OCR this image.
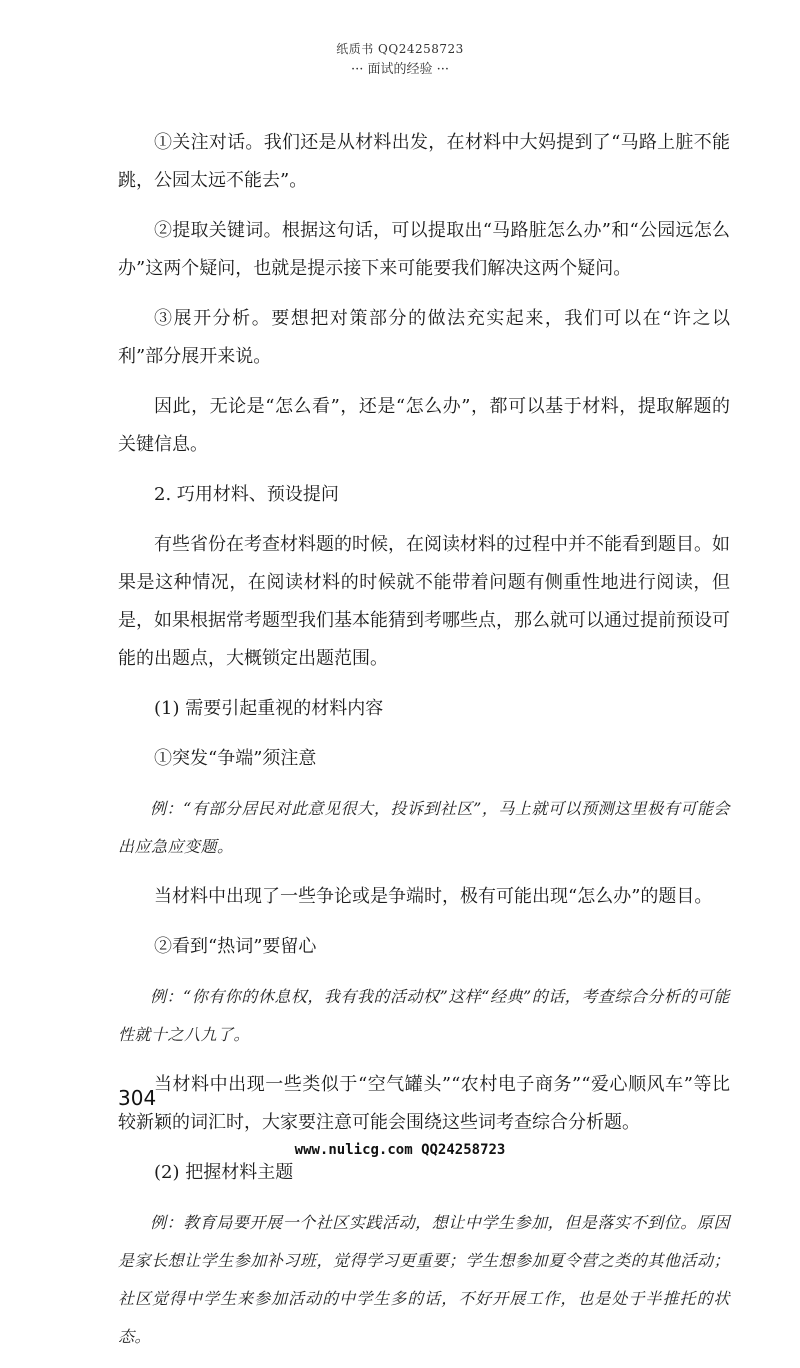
纸质书 QQ24258723
··· 面试的经验 ···

①关注对话。我们还是从材料出发，在材料中大妈提到了“马路上脏不能跳，公园太远不能去”。

②提取关键词。根据这句话，可以提取出“马路脏怎么办”和“公园远怎么办”这两个疑问，也就是提示接下来可能要我们解决这两个疑问。

③展开分析。要想把对策部分的做法充实起来，我们可以在“许之以利”部分展开来说。

因此，无论是“怎么看”，还是“怎么办”，都可以基于材料，提取解题的关键信息。

2. 巧用材料、预设提问

有些省份在考查材料题的时候，在阅读材料的过程中并不能看到题目。如果是这种情况，在阅读材料的时候就不能带着问题有侧重性地进行阅读，但是，如果根据常考题型我们基本能猜到考哪些点，那么就可以通过提前预设可能的出题点，大概锁定出题范围。

(1) 需要引起重视的材料内容

①突发“争端”须注意

例：“有部分居民对此意见很大，投诉到社区”，马上就可以预测这里极有可能会出应急应变题。

当材料中出现了一些争论或是争端时，极有可能出现“怎么办”的题目。

②看到“热词”要留心

例：“你有你的休息权，我有我的活动权”这样“经典”的话，考查综合分析的可能性就十之八九了。

当材料中出现一些类似于“空气罐头”“农村电子商务”“爱心顺风车”等比较新颖的词汇时，大家要注意可能会围绕这些词考查综合分析题。

(2) 把握材料主题

例：教育局要开展一个社区实践活动，想让中学生参加，但是落实不到位。原因是家长想让学生参加补习班，觉得学习更重要；学生想参加夏令营之类的其他活动；社区觉得中学生来参加活动的中学生多的话，不好开展工作，也是处于半推托的状态。

304
www.nulicg.com QQ24258723
